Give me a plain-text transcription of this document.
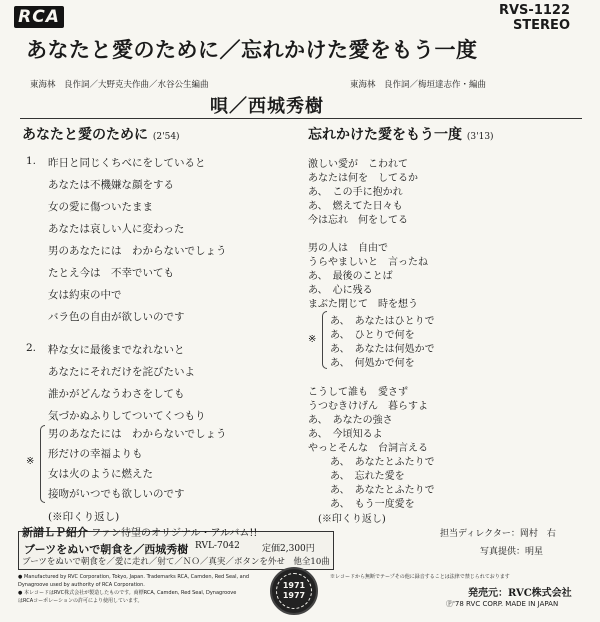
RCA	RVS-1122
STEREO
あなたと愛のために／忘れかけた愛をもう一度
東海林　良作詞／大野克夫作曲／水谷公生編曲	東海林　良作詞／梅垣達志作・編曲
唄／西城秀樹
あなたと愛のために (2'54)
1. 昨日と同じくちべにをしていると
あなたは不機嫌な顔をする
女の愛に傷ついたまま
あなたは哀しい人に変わった
男のあなたには　わからないでしょう
たとえ今は　不幸でいても
女は約束の中で
バラ色の自由が欲しいのです
2. 粋な女に最後までなれないと
あなたにそれだけを詫びたいよ
誰かがどんなうわさをしても
気づかぬふりしてついてくつもり
※
男のあなたには　わからないでしょう
形だけの幸福よりも
女は火のように燃えた
接吻がいつでも欲しいのです
(※印くり返し)
忘れかけた愛をもう一度 (3'13)
激しい愛が　こわれて
あなたは何を　してるか
あ、　この手に抱かれ
あ、　燃えてた日々も
今は忘れ　何をしてる
男の人は　自由で
うらやましいと　言ったね
あ、　最後のことば
あ、　心に残る
まぶた閉じて　時を想う
※
あ、　あなたはひとりで
あ、　ひとりで何を
あ、　あなたは何処かで
あ、　何処かで何を
こうして誰も　愛さず
うつむきけげん　暮らすよ
あ、　あなたの強さ
あ、　今頃知るよ
やっとそんな　台詞言える
あ、　あなたとふたりで
あ、　忘れた愛を
あ、　あなたとふたりで
あ、　もう一度愛を
(※印くり返し)
担当ディレクター：岡村　右
写真提供：明星
新譜ＬＰ紹介 ファン待望のオリジナル・アルバム!!
ブーツをぬいで朝食を／西城秀樹 RVL-7042 定価2,300円
ブーツをぬいで朝食を／愛に走れ／射て／ＮＯ／真実／ボタンを外せ　他全10曲
● Manufactured by RVC Corporation, Tokyo, Japan. Trademarks RCA, Camden, Red Seal, and
Dynagroove used by authority of RCA Corporation.
● 本レコードはRVC株式会社が製造したものです。商標RCA, Camden, Red Seal, Dynagroove
はRCAコーポレーションの許可により使用しています。
1971
1977
※レコードから無断でテープその他に録音することは法律で禁じられております
発売元：RVC株式会社
Ⓟ'78 RVC CORP. MADE IN JAPAN
